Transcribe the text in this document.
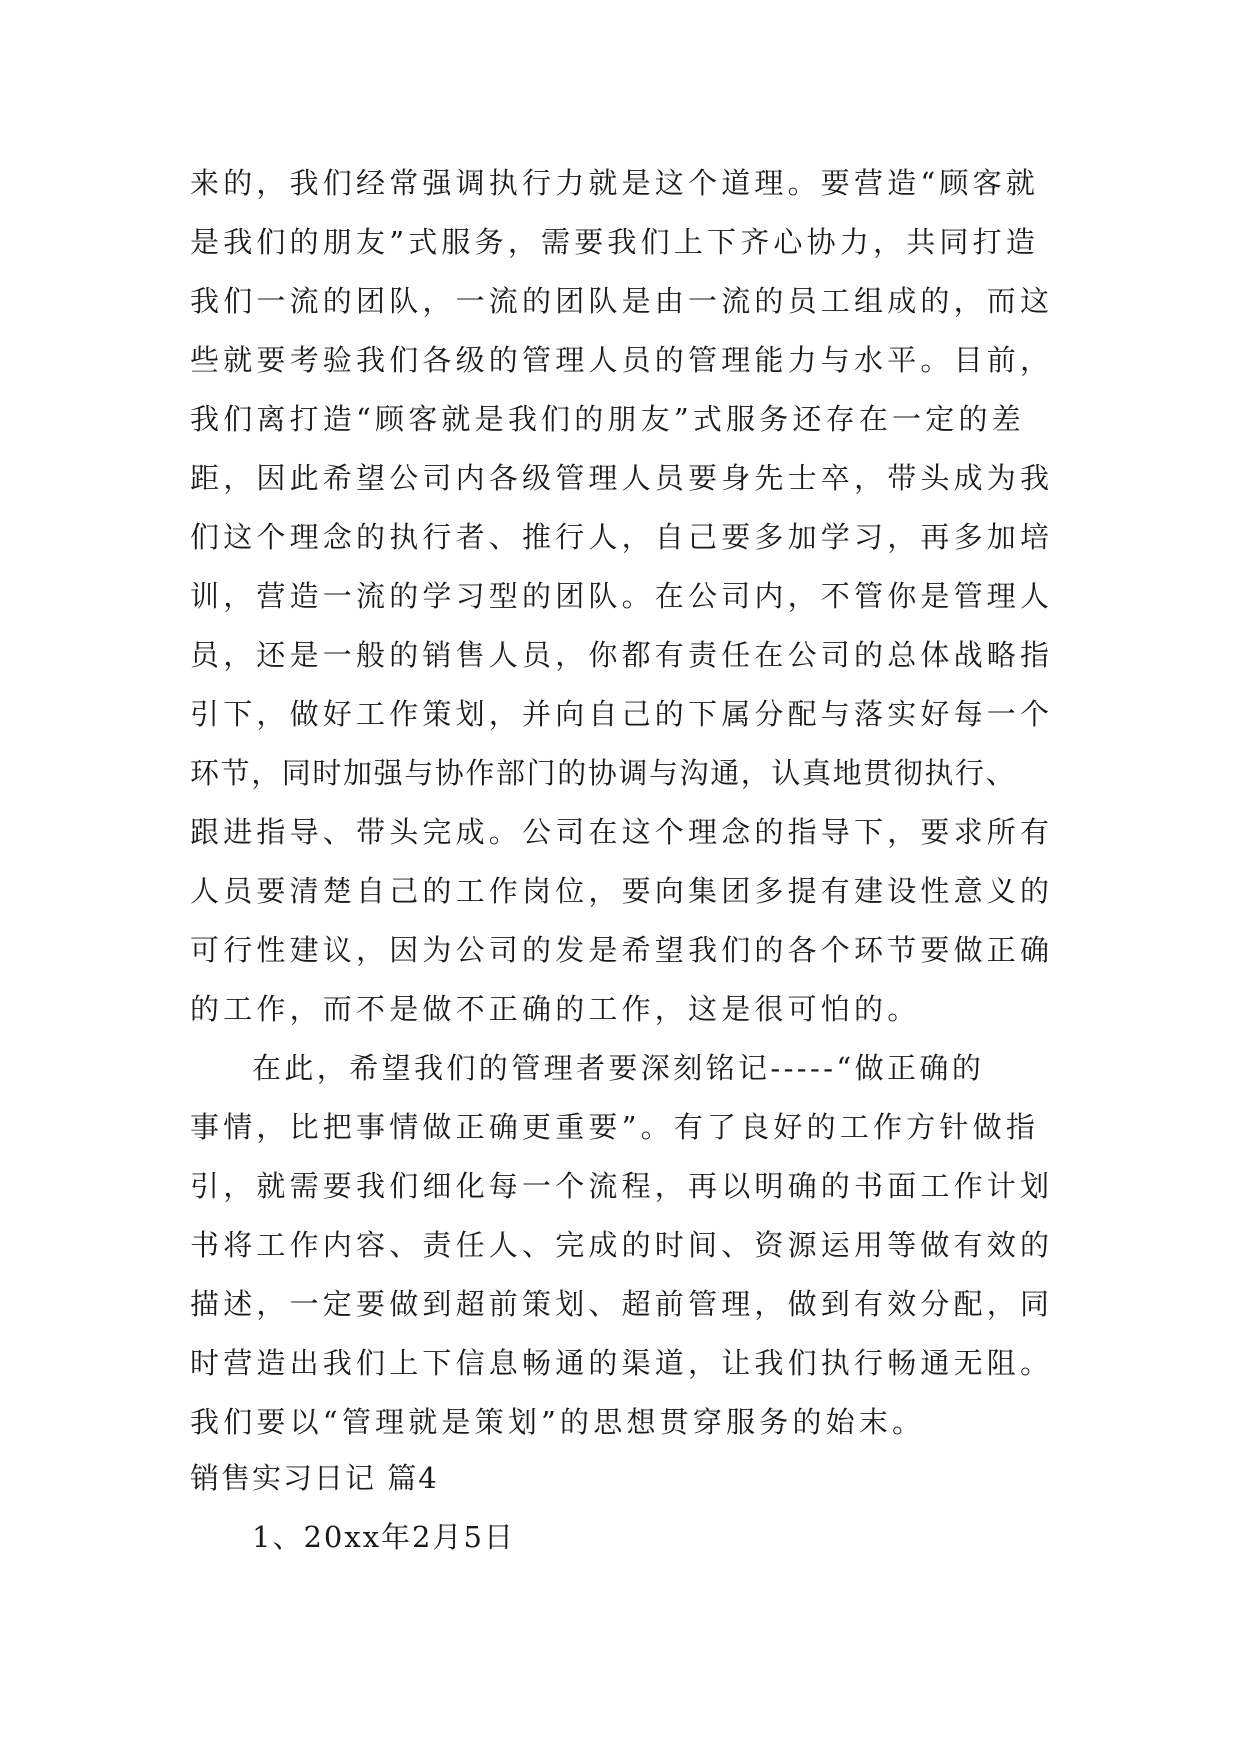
来的，我们经常强调执行力就是这个道理。要营造“顾客就
是我们的朋友”式服务，需要我们上下齐心协力，共同打造
我们一流的团队，一流的团队是由一流的员工组成的，而这
些就要考验我们各级的管理人员的管理能力与水平。目前，
我们离打造“顾客就是我们的朋友”式服务还存在一定的差
距，因此希望公司内各级管理人员要身先士卒，带头成为我
们这个理念的执行者、推行人，自己要多加学习，再多加培
训，营造一流的学习型的团队。在公司内，不管你是管理人
员，还是一般的销售人员，你都有责任在公司的总体战略指
引下，做好工作策划，并向自己的下属分配与落实好每一个
环节，同时加强与协作部门的协调与沟通，认真地贯彻执行、
跟进指导、带头完成。公司在这个理念的指导下，要求所有
人员要清楚自己的工作岗位，要向集团多提有建设性意义的
可行性建议，因为公司的发是希望我们的各个环节要做正确
的工作，而不是做不正确的工作，这是很可怕的。
在此，希望我们的管理者要深刻铭记-----“做正确的
事情，比把事情做正确更重要”。有了良好的工作方针做指
引，就需要我们细化每一个流程，再以明确的书面工作计划
书将工作内容、责任人、完成的时间、资源运用等做有效的
描述，一定要做到超前策划、超前管理，做到有效分配，同
时营造出我们上下信息畅通的渠道，让我们执行畅通无阻。
我们要以“管理就是策划”的思想贯穿服务的始末。
销售实习日记 篇4
1、20xx年2月5日
